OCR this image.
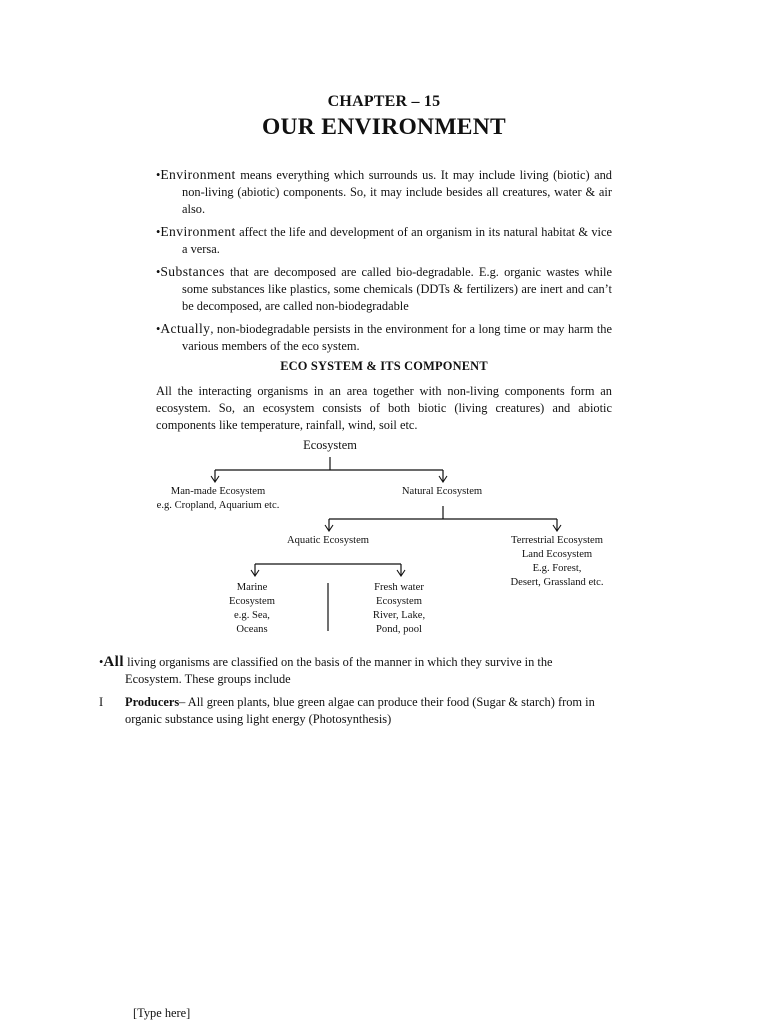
CHAPTER – 15
OUR ENVIRONMENT
•Environment means everything which surrounds us. It may include living (biotic) and non-living (abiotic) components. So, it may include besides all creatures, water & air also.
•Environment affect the life and development of an organism in its natural habitat & vice a versa.
•Substances that are decomposed are called bio-degradable. E.g. organic wastes while some substances like plastics, some chemicals (DDTs & fertilizers) are inert and can’t be decomposed, are called non-biodegradable
•Actually, non-biodegradable persists in the environment for a long time or may harm the various members of the eco system.
ECO SYSTEM & ITS COMPONENT
All the interacting organisms in an area together with non-living components form an ecosystem. So, an ecosystem consists of both biotic (living creatures) and abiotic components like temperature, rainfall, wind, soil etc.
Ecosystem
Man-made Ecosystem
e.g. Cropland, Aquarium etc.
Natural Ecosystem
Aquatic Ecosystem	Terrestrial Ecosystem
Land Ecosystem
E.g. Forest,
Desert, Grassland etc.
Marine
Ecosystem
e.g. Sea,
Oceans
Fresh water
Ecosystem
River, Lake,
Pond, pool
•All living organisms are classified on the basis of the manner in which they survive in the
Ecosystem. These groups include
I Producers– All green plants, blue green algae can produce their food (Sugar & starch) from in
organic substance using light energy (Photosynthesis)
[Type here]
